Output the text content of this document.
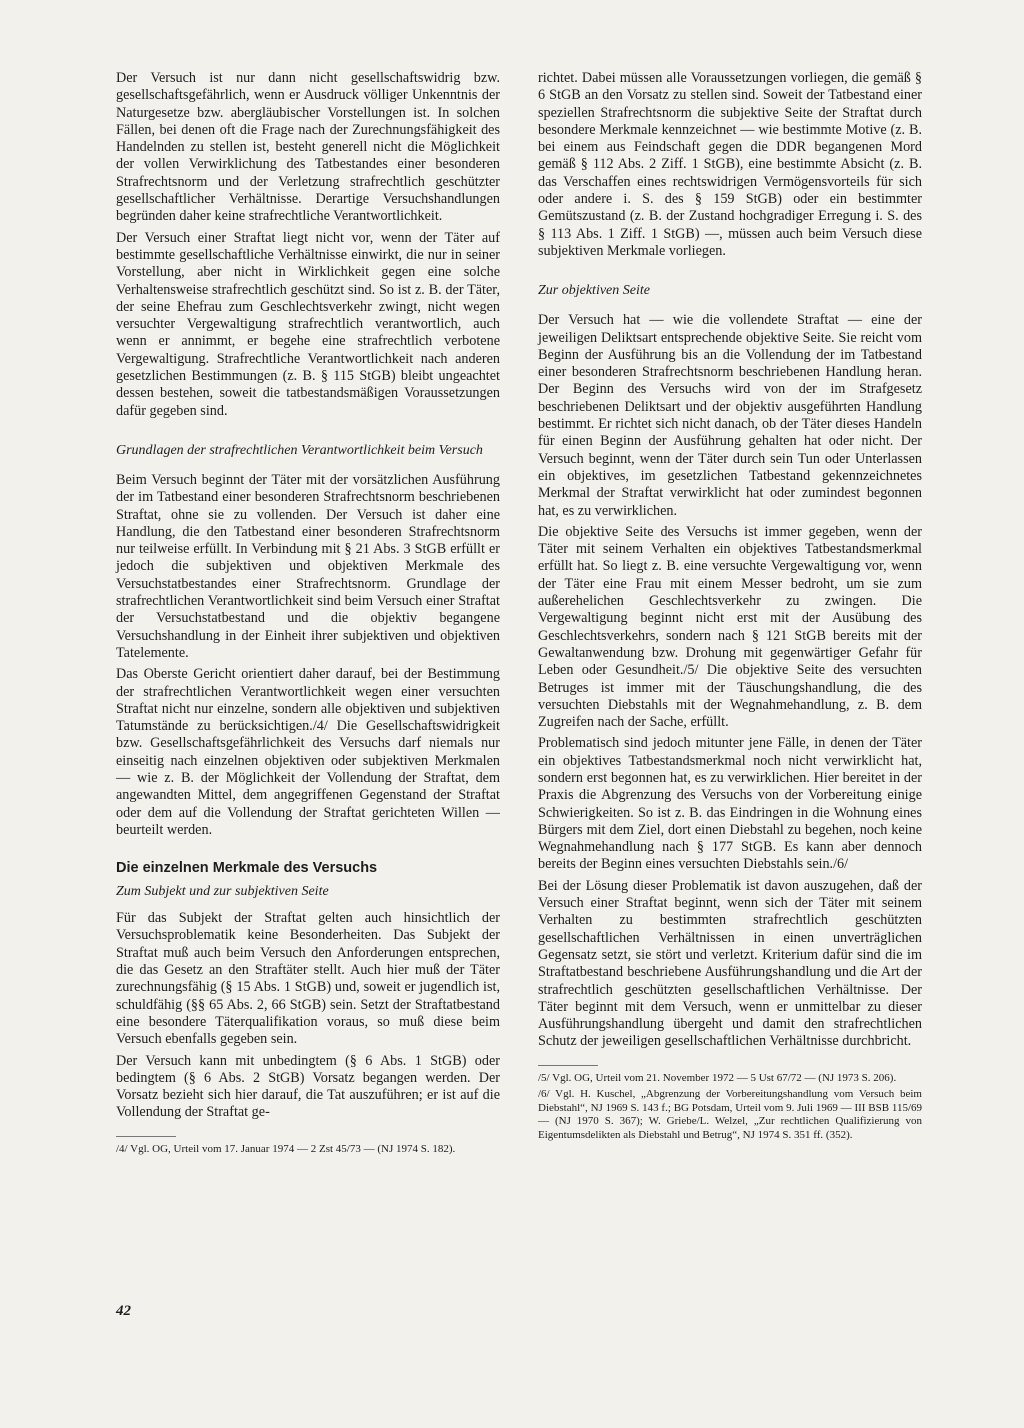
Der Versuch ist nur dann nicht gesellschaftswidrig bzw. gesellschaftsgefährlich, wenn er Ausdruck völliger Unkenntnis der Naturgesetze bzw. abergläubischer Vorstellungen ist. In solchen Fällen, bei denen oft die Frage nach der Zurechnungsfähigkeit des Handelnden zu stellen ist, besteht generell nicht die Möglichkeit der vollen Verwirklichung des Tatbestandes einer besonderen Strafrechtsnorm und der Verletzung strafrechtlich geschützter gesellschaftlicher Verhältnisse. Derartige Versuchshandlungen begründen daher keine strafrechtliche Verantwortlichkeit.

Der Versuch einer Straftat liegt nicht vor, wenn der Täter auf bestimmte gesellschaftliche Verhältnisse einwirkt, die nur in seiner Vorstellung, aber nicht in Wirklichkeit gegen eine solche Verhaltensweise strafrechtlich geschützt sind. So ist z. B. der Täter, der seine Ehefrau zum Geschlechtsverkehr zwingt, nicht wegen versuchter Vergewaltigung strafrechtlich verantwortlich, auch wenn er annimmt, er begehe eine strafrechtlich verbotene Vergewaltigung. Strafrechtliche Verantwortlichkeit nach anderen gesetzlichen Bestimmungen (z. B. § 115 StGB) bleibt ungeachtet dessen bestehen, soweit die tatbestandsmäßigen Voraussetzungen dafür gegeben sind.

Grundlagen der strafrechtlichen Verantwortlichkeit beim Versuch

Beim Versuch beginnt der Täter mit der vorsätzlichen Ausführung der im Tatbestand einer besonderen Strafrechtsnorm beschriebenen Straftat, ohne sie zu vollenden. Der Versuch ist daher eine Handlung, die den Tatbestand einer besonderen Strafrechtsnorm nur teilweise erfüllt. In Verbindung mit § 21 Abs. 3 StGB erfüllt er jedoch die subjektiven und objektiven Merkmale des Versuchstatbestandes einer Strafrechtsnorm. Grundlage der strafrechtlichen Verantwortlichkeit sind beim Versuch einer Straftat der Versuchstatbestand und die objektiv begangene Versuchshandlung in der Einheit ihrer subjektiven und objektiven Tatelemente.

Das Oberste Gericht orientiert daher darauf, bei der Bestimmung der strafrechtlichen Verantwortlichkeit wegen einer versuchten Straftat nicht nur einzelne, sondern alle objektiven und subjektiven Tatumstände zu berücksichtigen./4/ Die Gesellschaftswidrigkeit bzw. Gesellschaftsgefährlichkeit des Versuchs darf niemals nur einseitig nach einzelnen objektiven oder subjektiven Merkmalen — wie z. B. der Möglichkeit der Vollendung der Straftat, dem angewandten Mittel, dem angegriffenen Gegenstand der Straftat oder dem auf die Vollendung der Straftat gerichteten Willen — beurteilt werden.

Die einzelnen Merkmale des Versuchs

Zum Subjekt und zur subjektiven Seite

Für das Subjekt der Straftat gelten auch hinsichtlich der Versuchsproblematik keine Besonderheiten. Das Subjekt der Straftat muß auch beim Versuch den Anforderungen entsprechen, die das Gesetz an den Straftäter stellt. Auch hier muß der Täter zurechnungsfähig (§ 15 Abs. 1 StGB) und, soweit er jugendlich ist, schuldfähig (§§ 65 Abs. 2, 66 StGB) sein. Setzt der Straftatbestand eine besondere Täterqualifikation voraus, so muß diese beim Versuch ebenfalls gegeben sein.

Der Versuch kann mit unbedingtem (§ 6 Abs. 1 StGB) oder bedingtem (§ 6 Abs. 2 StGB) Vorsatz begangen werden. Der Vorsatz bezieht sich hier darauf, die Tat auszuführen; er ist auf die Vollendung der Straftat ge-

/4/ Vgl. OG, Urteil vom 17. Januar 1974 — 2 Zst 45/73 — (NJ 1974 S. 182).

richtet. Dabei müssen alle Voraussetzungen vorliegen, die gemäß § 6 StGB an den Vorsatz zu stellen sind. Soweit der Tatbestand einer speziellen Strafrechtsnorm die subjektive Seite der Straftat durch besondere Merkmale kennzeichnet — wie bestimmte Motive (z. B. bei einem aus Feindschaft gegen die DDR begangenen Mord gemäß § 112 Abs. 2 Ziff. 1 StGB), eine bestimmte Absicht (z. B. das Verschaffen eines rechtswidrigen Vermögensvorteils für sich oder andere i. S. des § 159 StGB) oder ein bestimmter Gemütszustand (z. B. der Zustand hochgradiger Erregung i. S. des § 113 Abs. 1 Ziff. 1 StGB) —, müssen auch beim Versuch diese subjektiven Merkmale vorliegen.

Zur objektiven Seite

Der Versuch hat — wie die vollendete Straftat — eine der jeweiligen Deliktsart entsprechende objektive Seite. Sie reicht vom Beginn der Ausführung bis an die Vollendung der im Tatbestand einer besonderen Strafrechtsnorm beschriebenen Handlung heran. Der Beginn des Versuchs wird von der im Strafgesetz beschriebenen Deliktsart und der objektiv ausgeführten Handlung bestimmt. Er richtet sich nicht danach, ob der Täter dieses Handeln für einen Beginn der Ausführung gehalten hat oder nicht. Der Versuch beginnt, wenn der Täter durch sein Tun oder Unterlassen ein objektives, im gesetzlichen Tatbestand gekennzeichnetes Merkmal der Straftat verwirklicht hat oder zumindest begonnen hat, es zu verwirklichen.

Die objektive Seite des Versuchs ist immer gegeben, wenn der Täter mit seinem Verhalten ein objektives Tatbestandsmerkmal erfüllt hat. So liegt z. B. eine versuchte Vergewaltigung vor, wenn der Täter eine Frau mit einem Messer bedroht, um sie zum außerehelichen Geschlechtsverkehr zu zwingen. Die Vergewaltigung beginnt nicht erst mit der Ausübung des Geschlechtsverkehrs, sondern nach § 121 StGB bereits mit der Gewaltanwendung bzw. Drohung mit gegenwärtiger Gefahr für Leben oder Gesundheit./5/ Die objektive Seite des versuchten Betruges ist immer mit der Täuschungshandlung, die des versuchten Diebstahls mit der Wegnahmehandlung, z. B. dem Zugreifen nach der Sache, erfüllt.

Problematisch sind jedoch mitunter jene Fälle, in denen der Täter ein objektives Tatbestandsmerkmal noch nicht verwirklicht hat, sondern erst begonnen hat, es zu verwirklichen. Hier bereitet in der Praxis die Abgrenzung des Versuchs von der Vorbereitung einige Schwierigkeiten. So ist z. B. das Eindringen in die Wohnung eines Bürgers mit dem Ziel, dort einen Diebstahl zu begehen, noch keine Wegnahmehandlung nach § 177 StGB. Es kann aber dennoch bereits der Beginn eines versuchten Diebstahls sein./6/

Bei der Lösung dieser Problematik ist davon auszugehen, daß der Versuch einer Straftat beginnt, wenn sich der Täter mit seinem Verhalten zu bestimmten strafrechtlich geschützten gesellschaftlichen Verhältnissen in einen unverträglichen Gegensatz setzt, sie stört und verletzt. Kriterium dafür sind die im Straftatbestand beschriebene Ausführungshandlung und die Art der strafrechtlich geschützten gesellschaftlichen Verhältnisse. Der Täter beginnt mit dem Versuch, wenn er unmittelbar zu dieser Ausführungshandlung übergeht und damit den strafrechtlichen Schutz der jeweiligen gesellschaftlichen Verhältnisse durchbricht.

/5/ Vgl. OG, Urteil vom 21. November 1972 — 5 Ust 67/72 — (NJ 1973 S. 206).

/6/ Vgl. H. Kuschel, „Abgrenzung der Vorbereitungshandlung vom Versuch beim Diebstahl“, NJ 1969 S. 143 f.; BG Potsdam, Urteil vom 9. Juli 1969 — III BSB 115/69 — (NJ 1970 S. 367); W. Griebe/L. Welzel, „Zur rechtlichen Qualifizierung von Eigentumsdelikten als Diebstahl und Betrug“, NJ 1974 S. 351 ff. (352).

42
